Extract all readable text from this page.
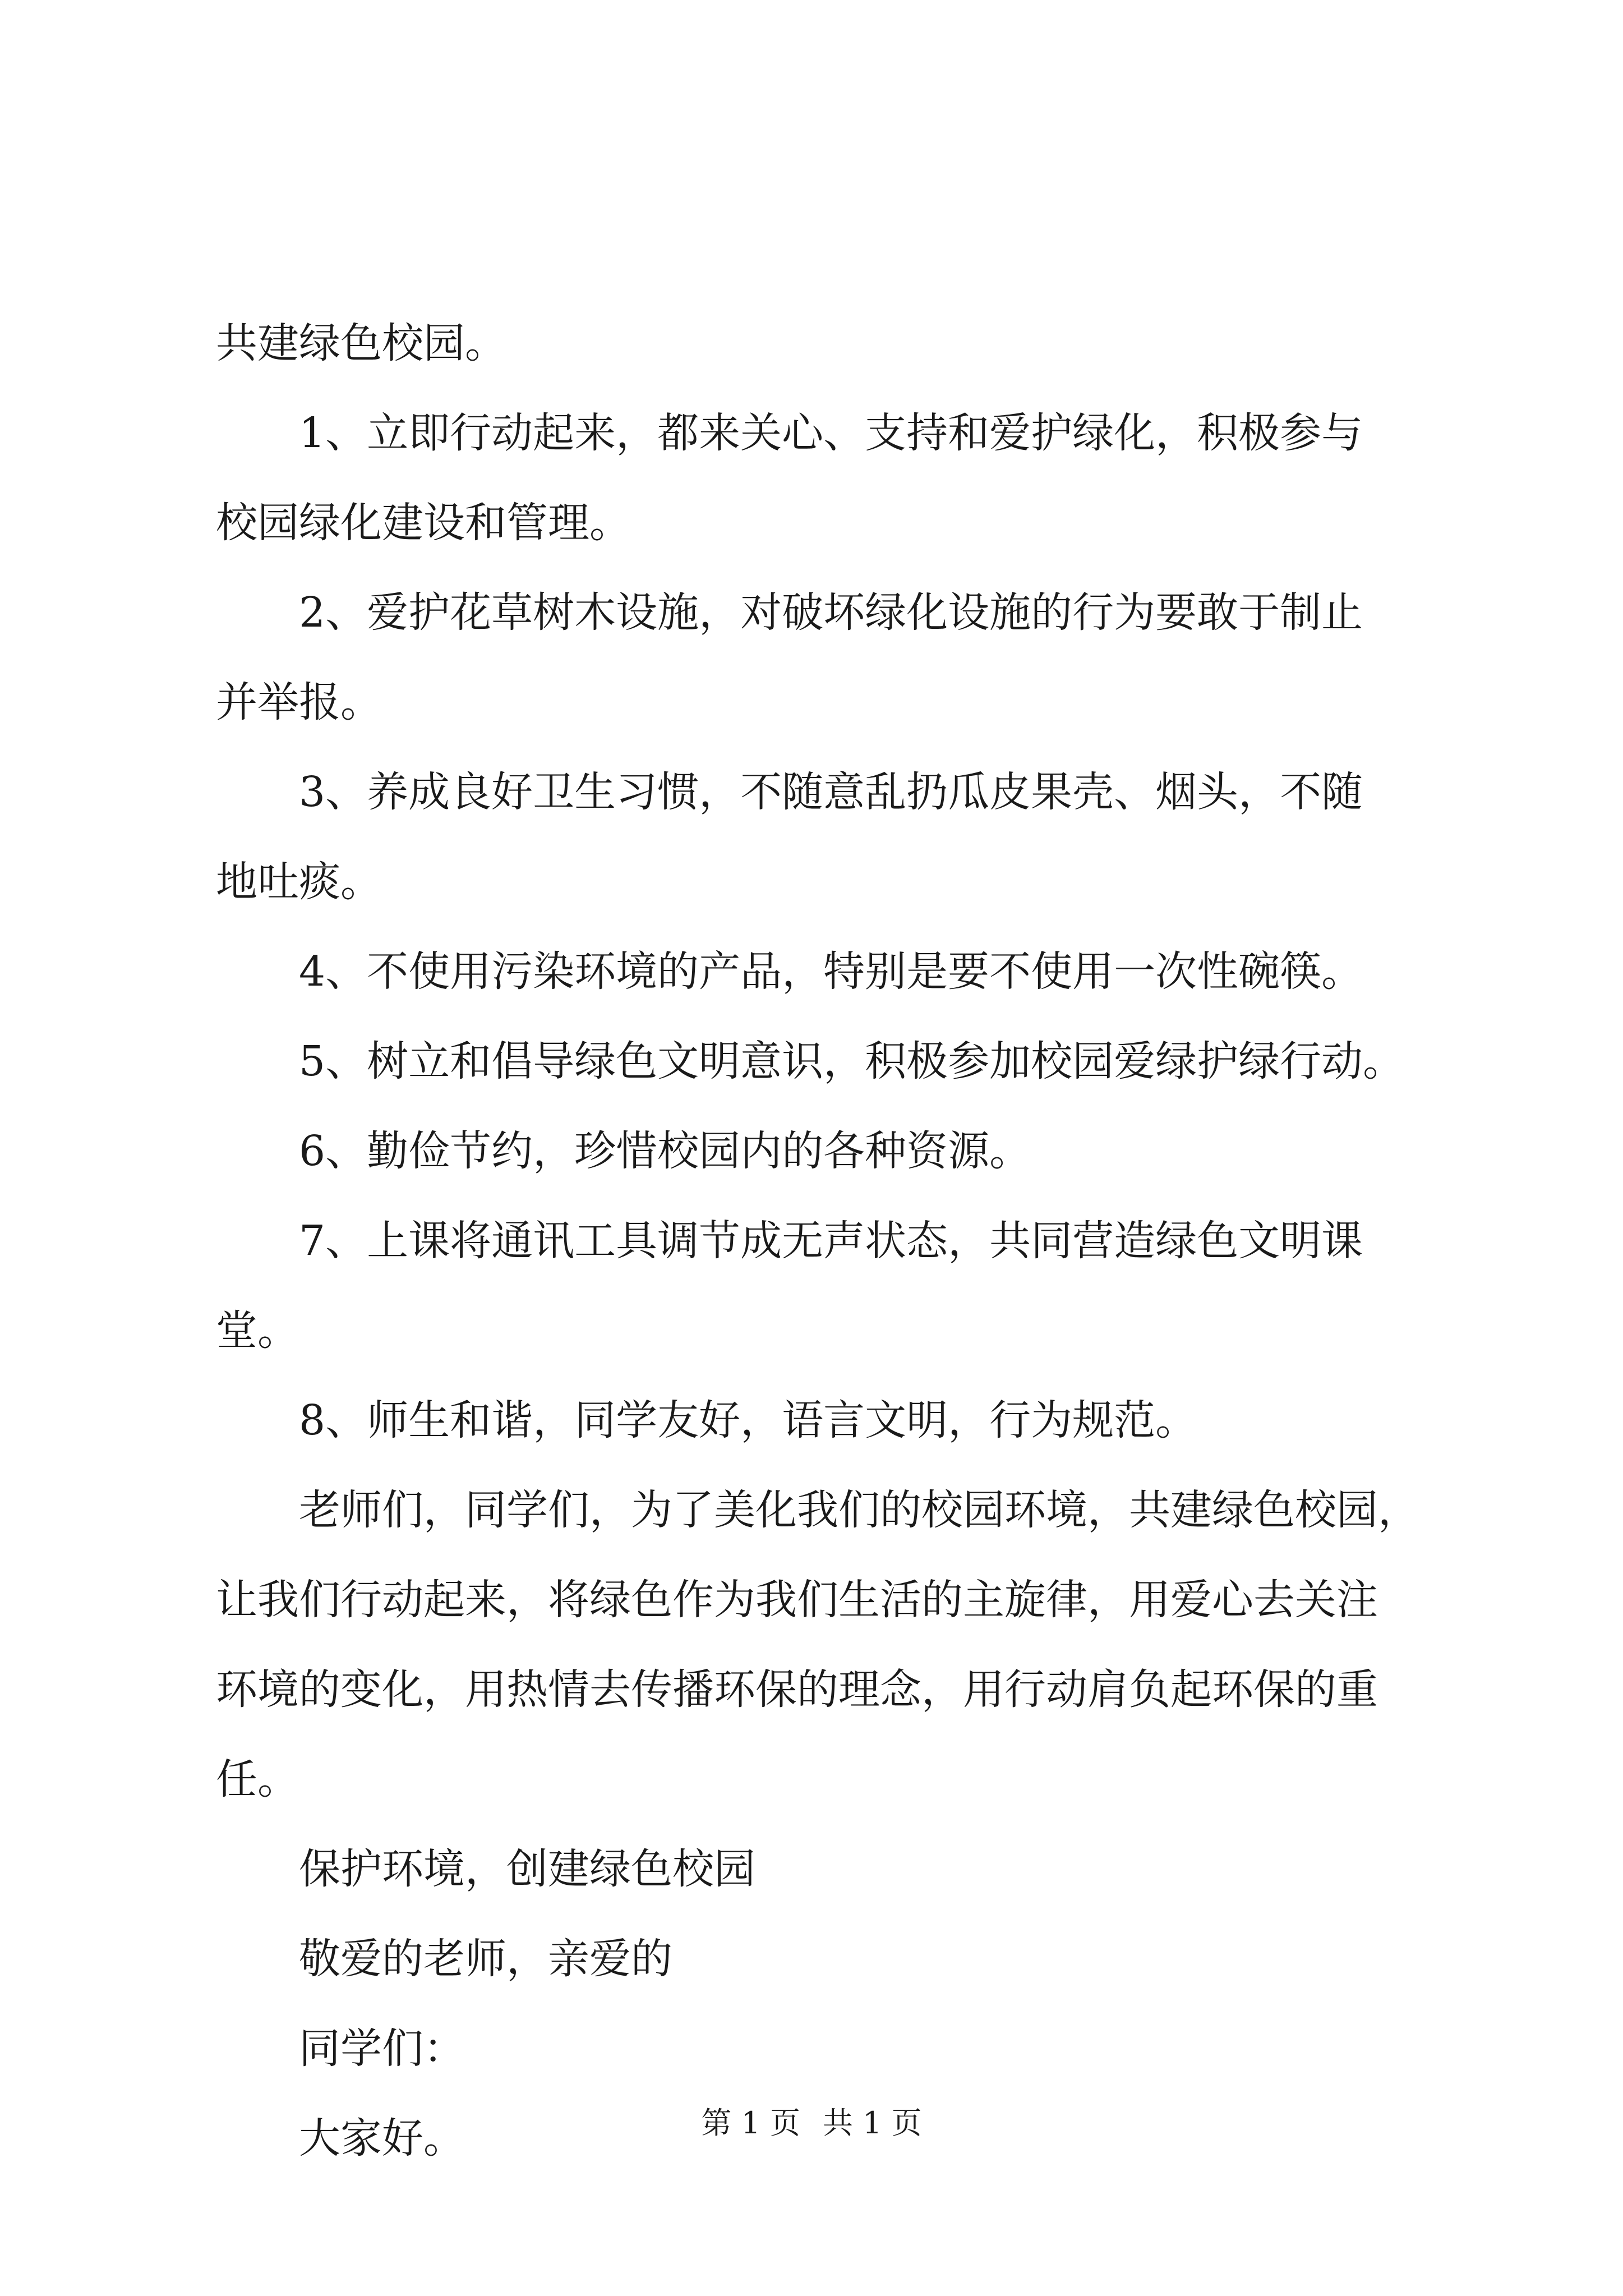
共建绿色校园。

1、立即行动起来，都来关心、支持和爱护绿化，积极参与

校园绿化建设和管理。

2、爱护花草树木设施，对破坏绿化设施的行为要敢于制止

并举报。

3、养成良好卫生习惯，不随意乱扔瓜皮果壳、烟头，不随

地吐痰。

4、不使用污染环境的产品，特别是要不使用一次性碗筷。

5、树立和倡导绿色文明意识，积极参加校园爱绿护绿行动。

6、勤俭节约，珍惜校园内的各种资源。

7、上课将通讯工具调节成无声状态，共同营造绿色文明课

堂。

8、师生和谐，同学友好，语言文明，行为规范。

老师们，同学们，为了美化我们的校园环境，共建绿色校园，

让我们行动起来，将绿色作为我们生活的主旋律，用爱心去关注

环境的变化，用热情去传播环保的理念，用行动肩负起环保的重

任。

保护环境，创建绿色校园

敬爱的老师，亲爱的

同学们：

大家好。	第 1 页 共 1 页
